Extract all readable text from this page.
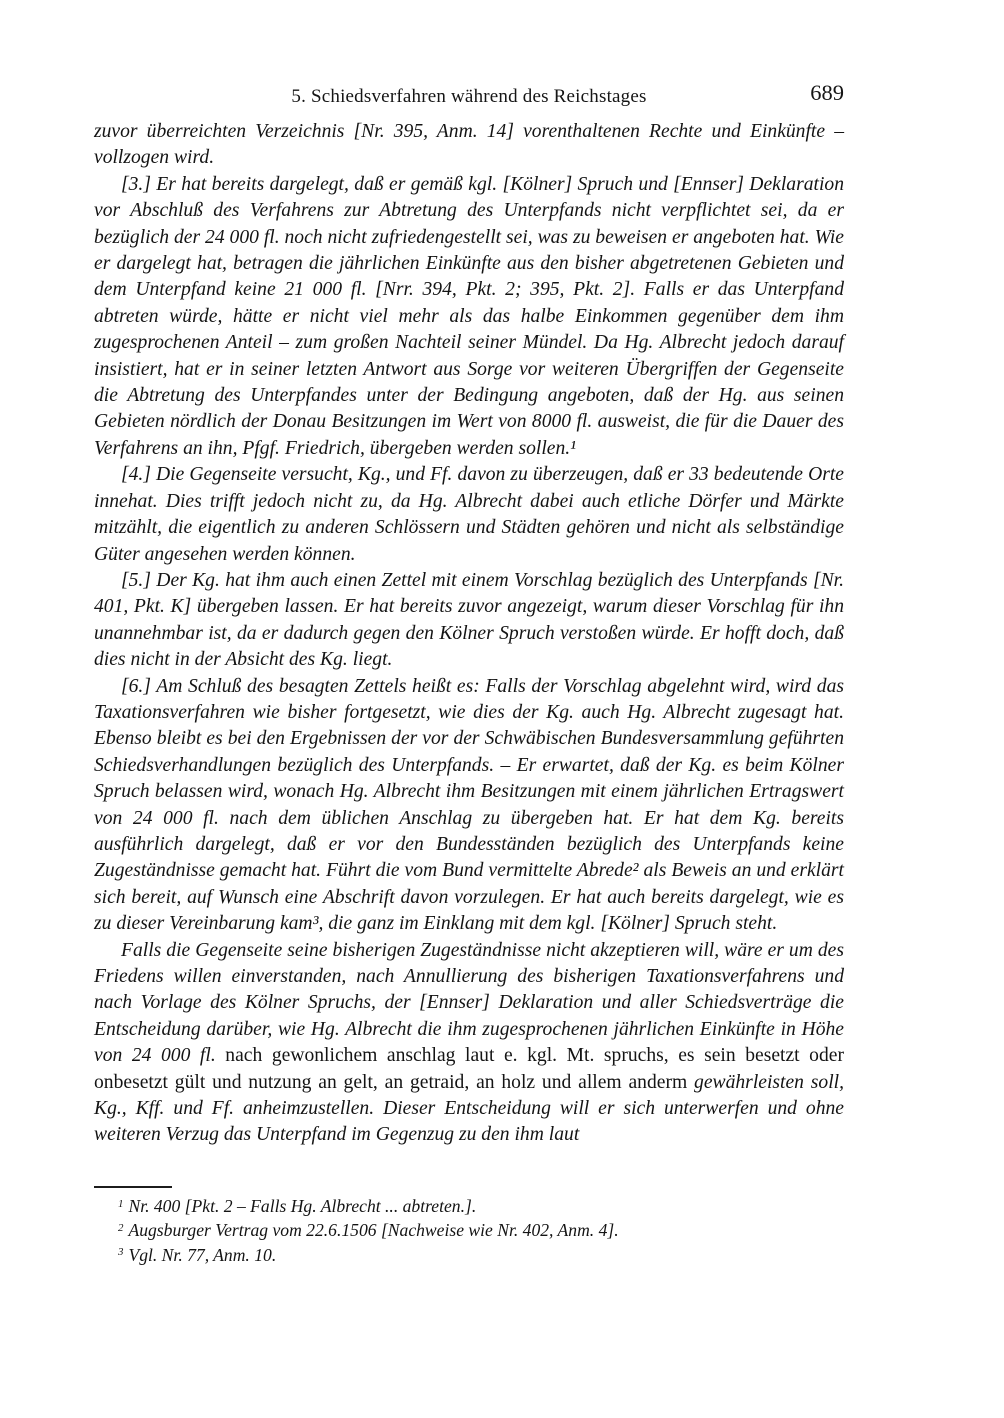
5. Schiedsverfahren während des Reichstages	689

zuvor überreichten Verzeichnis [Nr. 395, Anm. 14] vorenthaltenen Rechte und Einkünfte – vollzogen wird.

[3.] Er hat bereits dargelegt, daß er gemäß kgl. [Kölner] Spruch und [Ennser] Deklaration vor Abschluß des Verfahrens zur Abtretung des Unterpfands nicht verpflichtet sei, da er bezüglich der 24 000 fl. noch nicht zufriedengestellt sei, was zu beweisen er angeboten hat. Wie er dargelegt hat, betragen die jährlichen Einkünfte aus den bisher abgetretenen Gebieten und dem Unterpfand keine 21 000 fl. [Nrr. 394, Pkt. 2; 395, Pkt. 2]. Falls er das Unterpfand abtreten würde, hätte er nicht viel mehr als das halbe Einkommen gegenüber dem ihm zugesprochenen Anteil – zum großen Nachteil seiner Mündel. Da Hg. Albrecht jedoch darauf insistiert, hat er in seiner letzten Antwort aus Sorge vor weiteren Übergriffen der Gegenseite die Abtretung des Unterpfandes unter der Bedingung angeboten, daß der Hg. aus seinen Gebieten nördlich der Donau Besitzungen im Wert von 8000 fl. ausweist, die für die Dauer des Verfahrens an ihn, Pfgf. Friedrich, übergeben werden sollen.¹

[4.] Die Gegenseite versucht, Kg., und Ff. davon zu überzeugen, daß er 33 bedeutende Orte innehat. Dies trifft jedoch nicht zu, da Hg. Albrecht dabei auch etliche Dörfer und Märkte mitzählt, die eigentlich zu anderen Schlössern und Städten gehören und nicht als selbständige Güter angesehen werden können.

[5.] Der Kg. hat ihm auch einen Zettel mit einem Vorschlag bezüglich des Unterpfands [Nr. 401, Pkt. K] übergeben lassen. Er hat bereits zuvor angezeigt, warum dieser Vorschlag für ihn unannehmbar ist, da er dadurch gegen den Kölner Spruch verstoßen würde. Er hofft doch, daß dies nicht in der Absicht des Kg. liegt.

[6.] Am Schluß des besagten Zettels heißt es: Falls der Vorschlag abgelehnt wird, wird das Taxationsverfahren wie bisher fortgesetzt, wie dies der Kg. auch Hg. Albrecht zugesagt hat. Ebenso bleibt es bei den Ergebnissen der vor der Schwäbischen Bundesversammlung geführten Schiedsverhandlungen bezüglich des Unterpfands. – Er erwartet, daß der Kg. es beim Kölner Spruch belassen wird, wonach Hg. Albrecht ihm Besitzungen mit einem jährlichen Ertragswert von 24 000 fl. nach dem üblichen Anschlag zu übergeben hat. Er hat dem Kg. bereits ausführlich dargelegt, daß er vor den Bundesständen bezüglich des Unterpfands keine Zugeständnisse gemacht hat. Führt die vom Bund vermittelte Abrede² als Beweis an und erklärt sich bereit, auf Wunsch eine Abschrift davon vorzulegen. Er hat auch bereits dargelegt, wie es zu dieser Vereinbarung kam³, die ganz im Einklang mit dem kgl. [Kölner] Spruch steht.

Falls die Gegenseite seine bisherigen Zugeständnisse nicht akzeptieren will, wäre er um des Friedens willen einverstanden, nach Annullierung des bisherigen Taxationsverfahrens und nach Vorlage des Kölner Spruchs, der [Ennser] Deklaration und aller Schiedsverträge die Entscheidung darüber, wie Hg. Albrecht die ihm zugesprochenen jährlichen Einkünfte in Höhe von 24 000 fl. nach gewonlichem anschlag laut e. kgl. Mt. spruchs, es sein besetzt oder onbesetzt gült und nutzung an gelt, an getraid, an holz und allem anderm gewährleisten soll, Kg., Kff. und Ff. anheimzustellen. Dieser Entscheidung will er sich unterwerfen und ohne weiteren Verzug das Unterpfand im Gegenzug zu den ihm laut

$^1$ Nr. 400 [Pkt. 2 – Falls Hg. Albrecht ... abtreten.].

$^2$ Augsburger Vertrag vom 22.6.1506 [Nachweise wie Nr. 402, Anm. 4].

$^3$ Vgl. Nr. 77, Anm. 10.
